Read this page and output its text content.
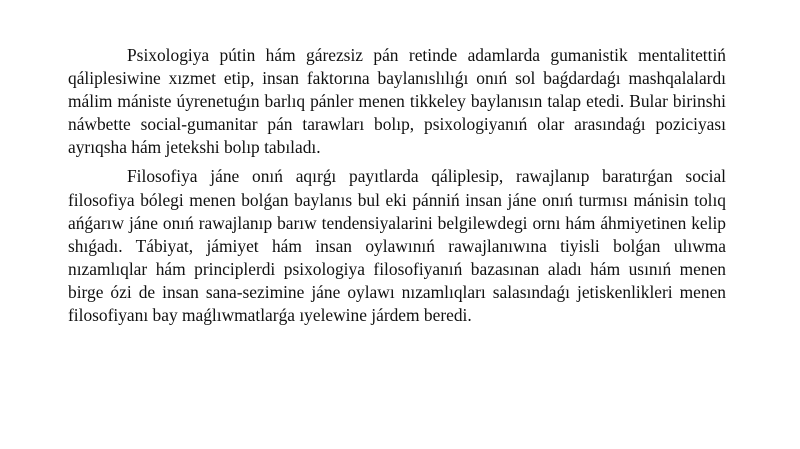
Psixologiya pútin hám gárezsiz pán retinde adamlarda gumanistik mentalitettiń qáliplesiwine xızmet etip, insan faktorına baylanıslılıǵı onıń sol baǵdardaǵı mashqalalardı málim mániste úyrenetuǵın barlıq pánler menen tikkeley baylanısın talap etedi. Bular birinshi náwbette social-gumanitar pán tarawları bolıp, psixologiyanıń olar arasındaǵı poziciyası ayrıqsha hám jetekshi bolıp tabıladı.

Filosofiya jáne onıń aqırǵı payıtlarda qáliplesip, rawajlanıp baratırǵan social filosofiya bólegi menen bolǵan baylanıs bul eki pánniń insan jáne onıń turmısı mánisin tolıq ańǵarıw jáne onıń rawajlanıp barıw tendensiyalarini belgilewdegi ornı hám áhmiyetinen kelip shıǵadı. Tábiyat, jámiyet hám insan oylawınıń rawajlanıwına tiyisli bolǵan ulıwma nızamlıqlar hám principlerdi psixologiya filosofiyanıń bazasınan aladı hám usınıń menen birge ózi de insan sana-sezimine jáne oylawı nızamlıqları salasındaǵı jetiskenlikleri menen filosofiyanı bay maǵlıwmatlarǵa ıyelewine járdem beredi.
